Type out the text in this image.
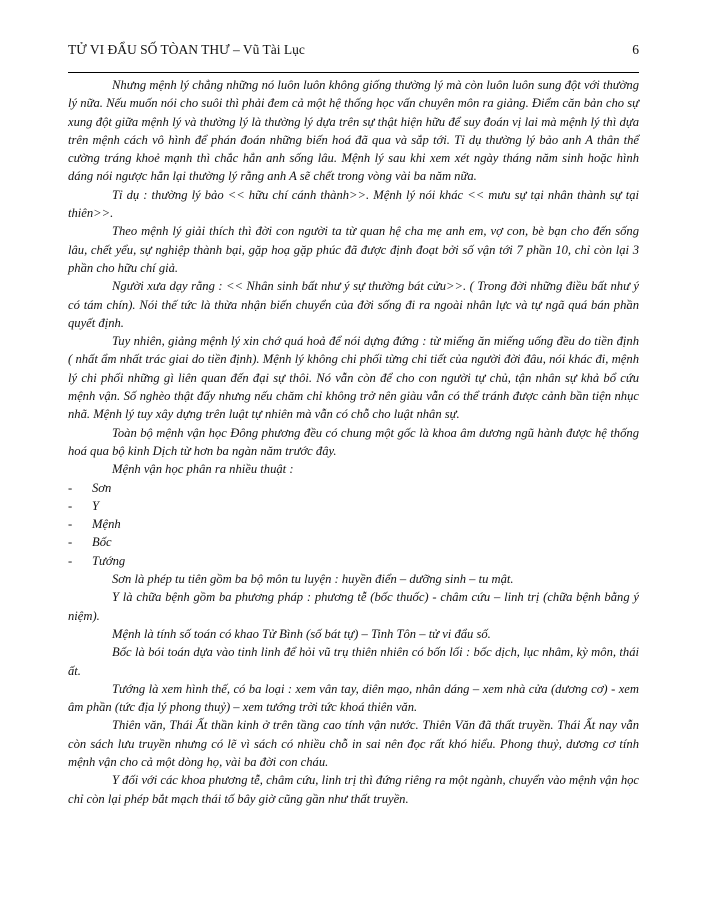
TỬ VI ĐẨU SỐ TÒAN THƯ – Vũ Tài Lục	6

Nhưng mệnh lý chẳng những nó luôn luôn không giống thường lý mà còn luôn luôn sung đột với thường lý nữa. Nếu muốn nói cho suôi thì phải đem cả một hệ thống học vấn chuyên môn ra giảng. Điểm căn bản cho sự xung đột giữa mệnh lý và thường lý là thường lý dựa trên sự thật hiện hữu để suy đoán vị lai mà mệnh lý thì dựa trên mệnh cách vô hình để phán đoán những biến hoá đã qua và sắp tới. Tỉ dụ thường lý bảo anh A thân thể cường tráng khoẻ mạnh thì chắc hẳn anh sống lâu. Mệnh lý sau khi xem xét ngày tháng năm sinh hoặc hình dáng nói ngược hẳn lại thường lý rằng anh A sẽ chết trong vòng vài ba năm nữa.

Tỉ dụ : thường lý bảo << hữu chí cánh thành>>. Mệnh lý nói khác << mưu sự tại nhân thành sự tại thiên>>.

Theo mệnh lý giải thích thì đời con người ta từ quan hệ cha mẹ anh em, vợ con, bè bạn cho đến sống lâu, chết yểu, sự nghiệp thành bại, gặp hoạ gặp phúc đã được định đoạt bởi số vận tới 7 phần 10, chỉ còn lại 3 phần cho hữu chí giả.

Người xưa dạy rằng : << Nhân sinh bất như ý sự thường bát cửu>>. ( Trong đời những điều bất như ý có tám chín). Nói thế tức là thừa nhận biến chuyển của đời sống đi ra ngoài nhân lực và tự ngã quá bán phần quyết định.

Tuy nhiên, giảng mệnh lý xin chớ quá hoả để nói dựng đứng : từ miếng ăn miếng uống đều do tiền định ( nhất ẩm nhất trác giai do tiền định). Mệnh lý không chi phối từng chi tiết của người đời đâu, nói khác đi, mệnh lý chi phối những gì liên quan đến đại sự thôi. Nó vẫn còn để cho con người tự chủ, tận nhân sự khả bổ cứu mệnh vận. Số nghèo thật đấy nhưng nếu chăm chỉ không trở nên giàu vẫn có thể tránh được cảnh bần tiện nhục nhã. Mệnh lý tuy xây dựng trên luật tự nhiên mà vẫn có chỗ cho luật nhân sự.

Toàn bộ mệnh vận học Đông phương đều có chung một gốc là khoa âm dương ngũ hành được hệ thống hoá qua bộ kinh Dịch từ hơn ba ngàn năm trước đây.

Mệnh vận học phân ra nhiều thuật :

-	Sơn
-	Y
-	Mệnh
-	Bốc
-	Tướng

Sơn là phép tu tiên gồm ba bộ môn tu luyện : huyền điển – dưỡng sinh – tu mật.

Y là chữa bệnh gồm ba phương pháp : phương tễ (bốc thuốc) - châm cứu – linh trị (chữa bệnh bằng ý niệm).

Mệnh là tính số toán có khao Tử Bình (số bát tự) – Tinh Tôn – tử vi đẩu số.

Bốc là bói toán dựa vào tinh linh để hỏi vũ trụ thiên nhiên có bốn lối : bốc dịch, lục nhâm, kỳ môn, thái ất.

Tướng là xem hình thế, có ba loại : xem vân tay, diên mạo, nhân dáng – xem nhà cửa (dương cơ) - xem âm phần (tức địa lý phong thuỷ) – xem tướng trời tức khoá thiên văn.

Thiên văn, Thái Ất thần kinh ở trên tầng cao tính vận nước. Thiên Văn đã thất truyền. Thái Ất nay vẫn còn sách lưu truyền nhưng có lẽ vì sách có nhiều chỗ in sai nên đọc rất khó hiểu. Phong thuỷ, dương cơ tính mệnh vận cho cả một dòng họ, vài ba đời con cháu.

Y đối với các khoa phương tễ, châm cứu, linh trị thì đứng riêng ra một ngành, chuyển vào mệnh vận học chỉ còn lại phép bắt mạch thái tố bây giờ cũng gần như thất truyền.
